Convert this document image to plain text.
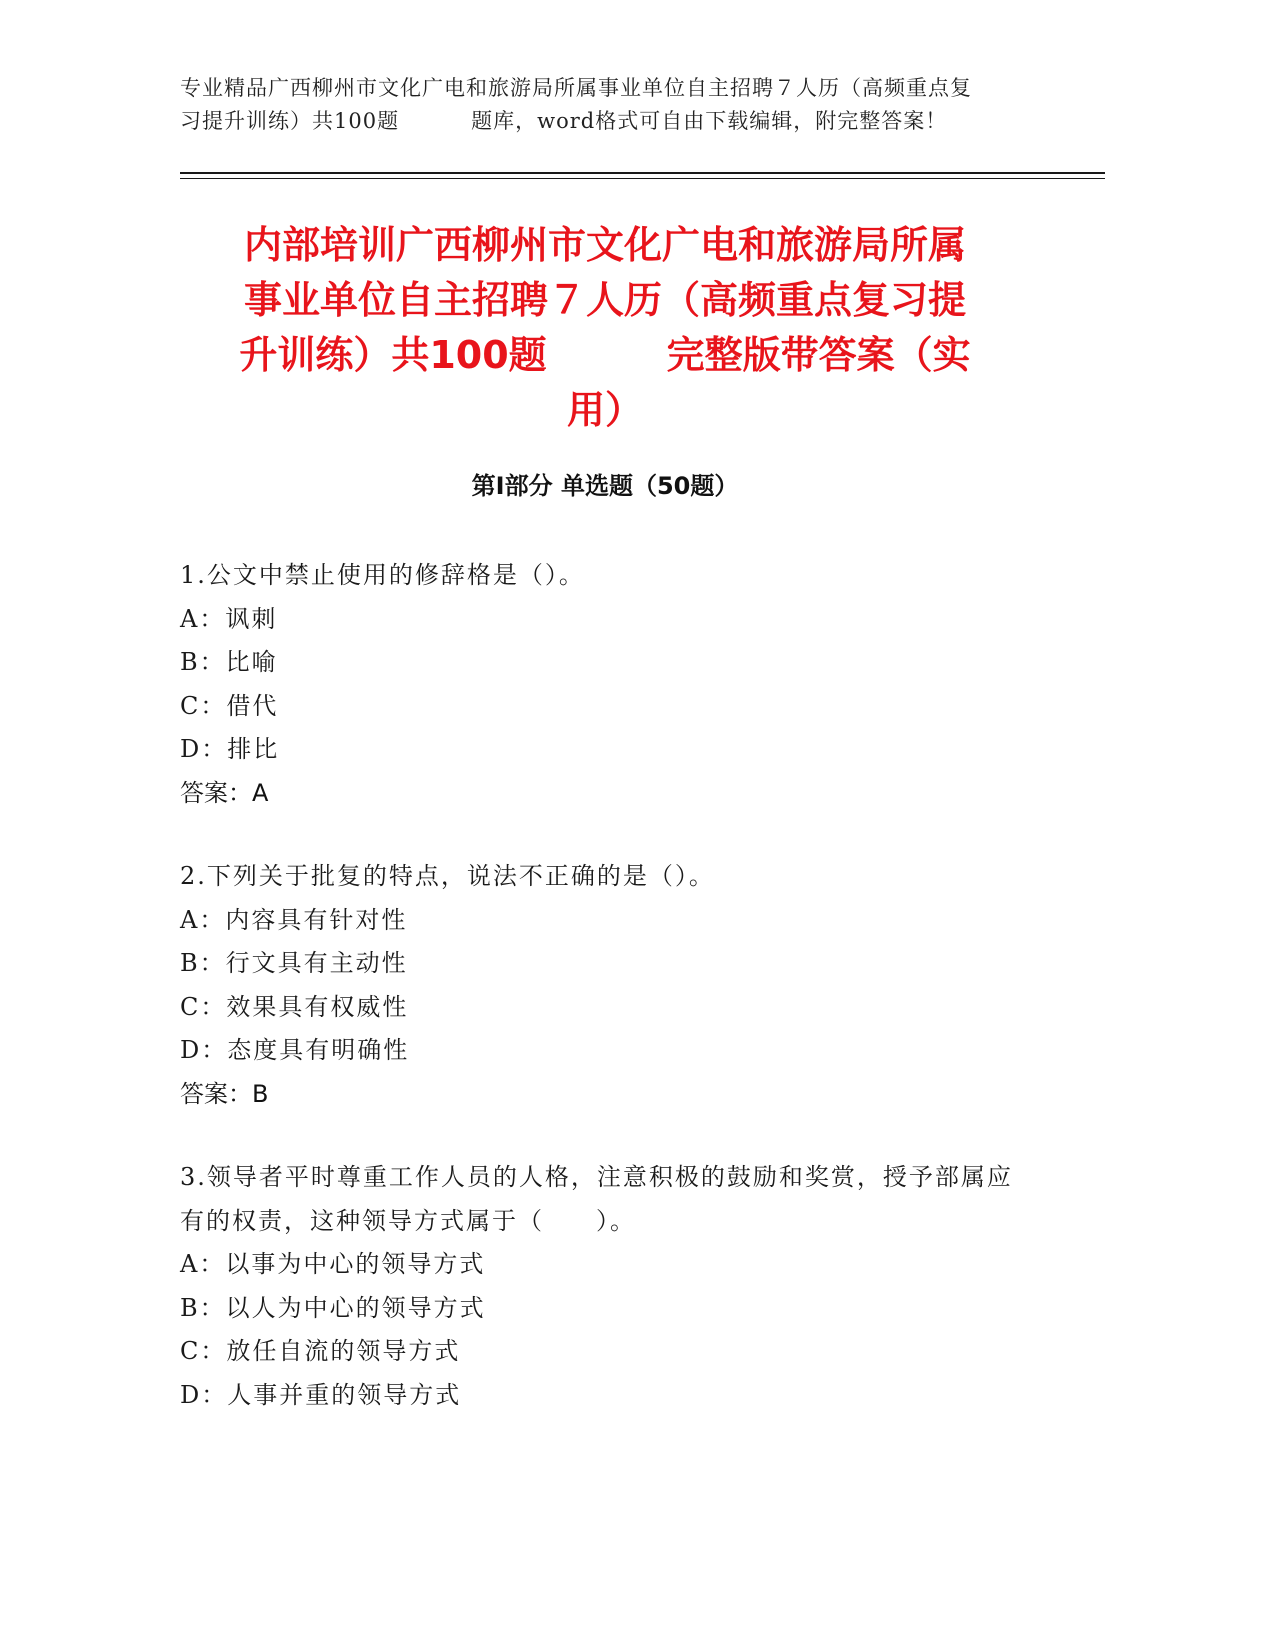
专业精品广西柳州市文化广电和旅游局所属事业单位自主招聘７人历（高频重点复
习提升训练）共100题	题库，word格式可自由下载编辑，附完整答案！
内部培训广西柳州市文化广电和旅游局所属
事业单位自主招聘７人历（高频重点复习提
升训练）共100题	完整版带答案（实
用）
第Ⅰ部分 单选题（50题）
1.公文中禁止使用的修辞格是（）。
A：讽刺
B：比喻
C：借代
D：排比
答案：A
2.下列关于批复的特点，说法不正确的是（）。
A：内容具有针对性
B：行文具有主动性
C：效果具有权威性
D：态度具有明确性
答案：B
3.领导者平时尊重工作人员的人格，注意积极的鼓励和奖赏，授予部属应有的权责，这种领导方式属于（　　）。
A：以事为中心的领导方式
B：以人为中心的领导方式
C：放任自流的领导方式
D：人事并重的领导方式
